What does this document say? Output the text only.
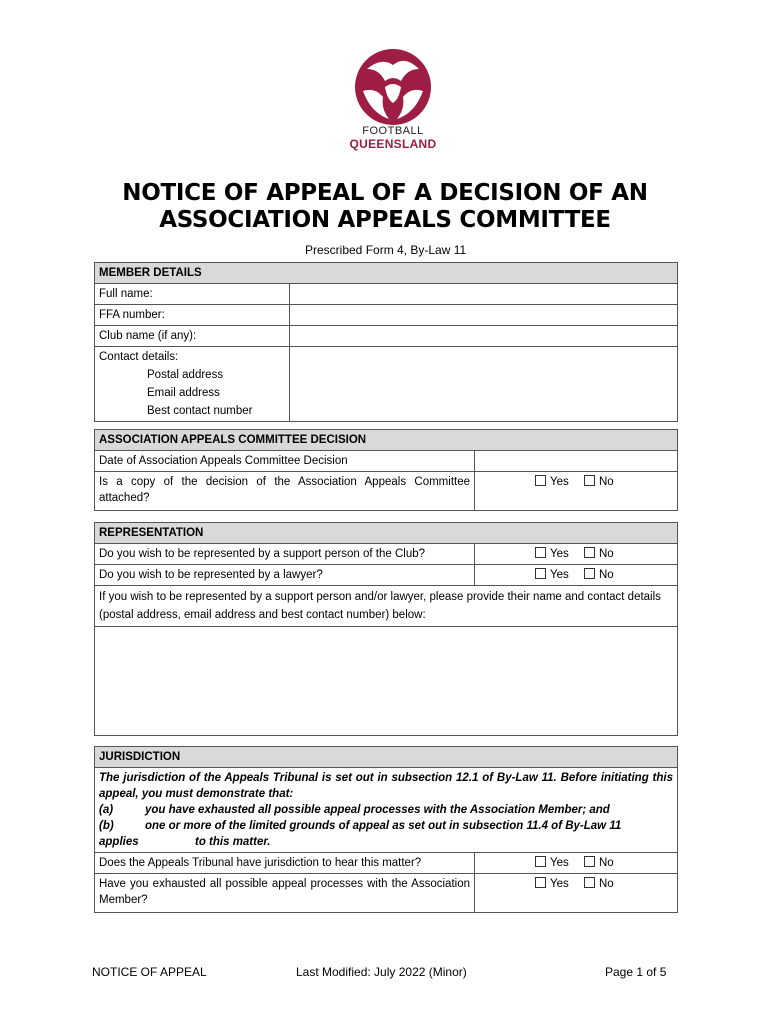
FOOTBALL
QUEENSLAND
NOTICE OF APPEAL OF A DECISION OF AN
ASSOCIATION APPEALS COMMITTEE
Prescribed Form 4, By-Law 11
MEMBER DETAILS	
Full name:	
FFA number:	
Club name (if any):	

Contact details:
Postal address
Email address
Best contact number	

ASSOCIATION APPEALS COMMITTEE DECISION	
Date of Association Appeals Committee Decision	
Is a copy of the decision of the Association Appeals Committee attached?	Yes No
REPRESENTATION	
Do you wish to be represented by a support person of the Club?	Yes No
Do you wish to be represented by a lawyer?	Yes No
If you wish to be represented by a support person and/or lawyer, please provide their name and contact details (postal address, email address and best contact number) below:	

JURISDICTION	

The jurisdiction of the Appeals Tribunal is set out in subsection 12.1 of By-Law 11. Before initiating this appeal, you must demonstrate that:
(a) you have exhausted all possible appeal processes with the Association Member; and
(b) one or more of the limited grounds of appeal as set out in subsection 11.4 of By-Law 11
applies to this matter.	

Does the Appeals Tribunal have jurisdiction to hear this matter?	Yes No
Have you exhausted all possible appeal processes with the Association Member?	Yes No
NOTICE OF APPEAL	Last Modified: July 2022 (Minor)	Page 1 of 5
